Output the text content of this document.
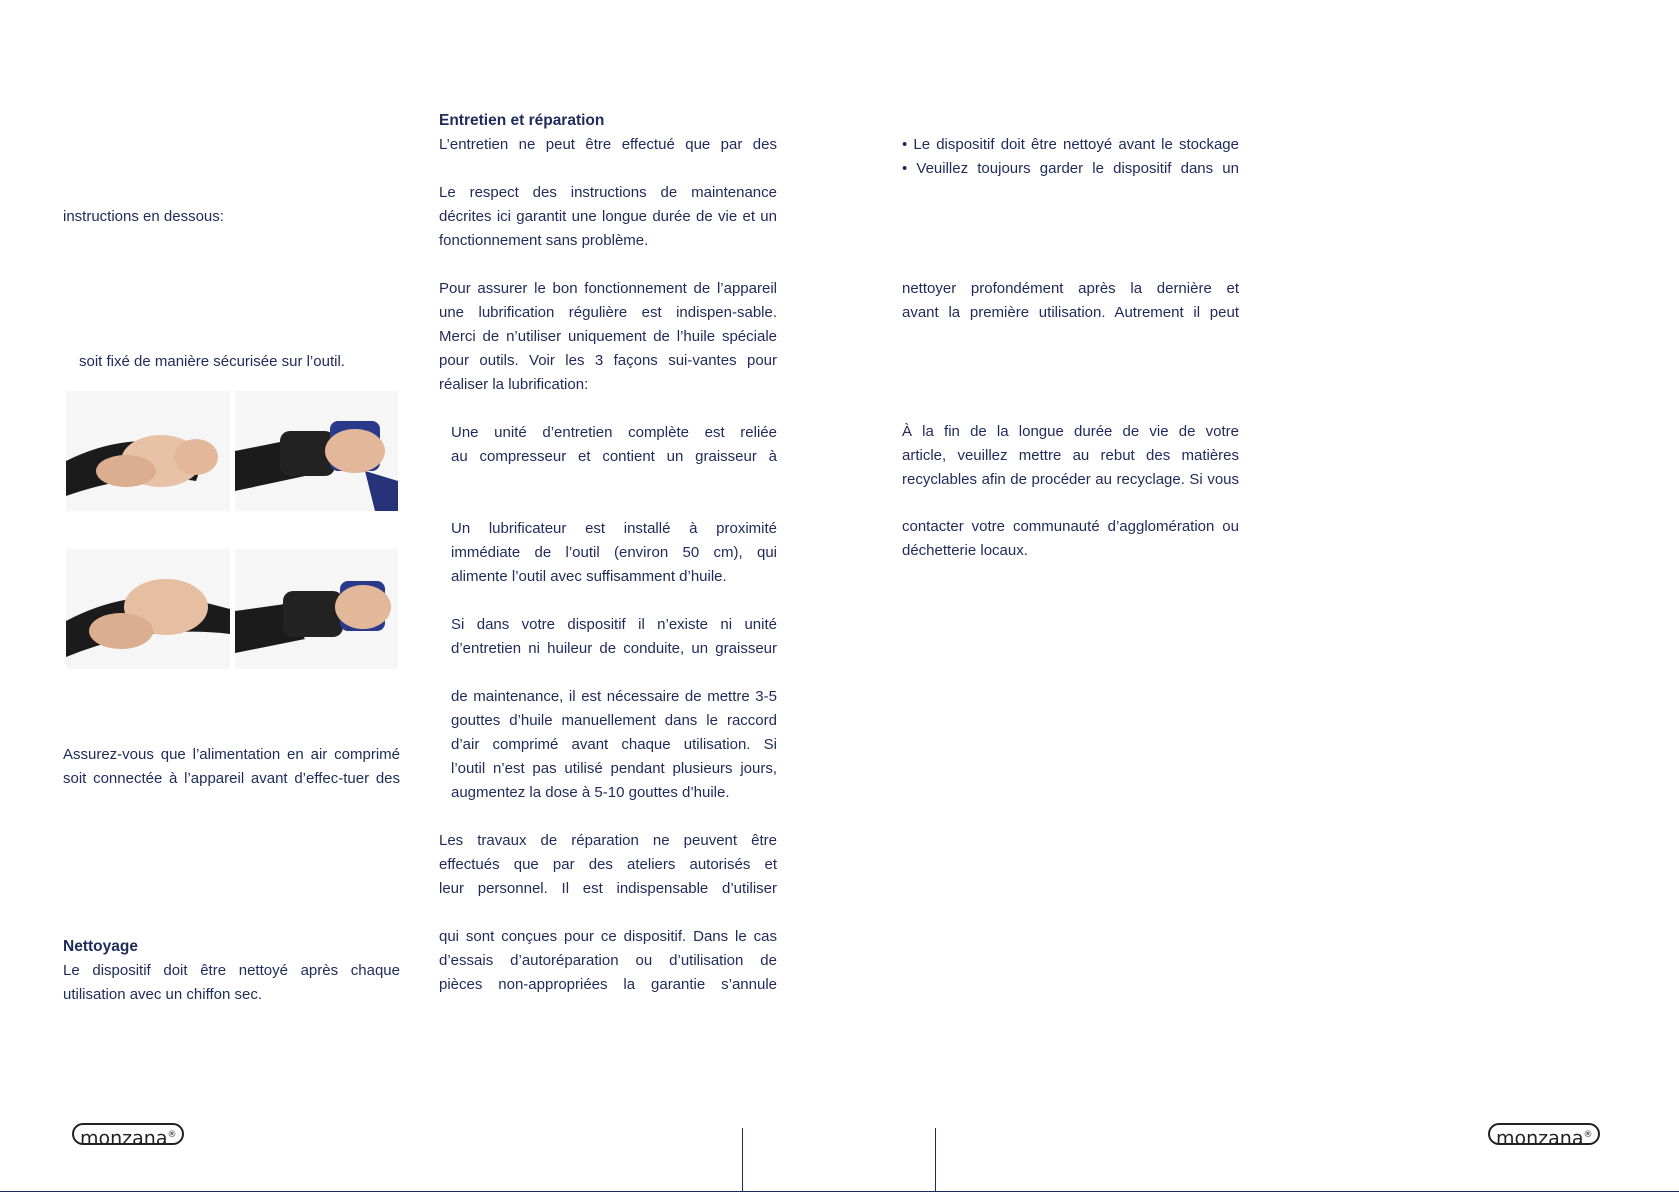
instructions en dessous:
soit fixé de manière sécurisée sur l’outil.
Assurez-vous que l’alimentation en air comprimé
soit connectée à l’appareil avant d’effec-tuer des
Nettoyage
Le dispositif doit être nettoyé après chaque
utilisation avec un chiffon sec.
Entretien et réparation
L’entretien ne peut être effectué que par des
Le respect des instructions de maintenance
décrites ici garantit une longue durée de vie et un
fonctionnement sans problème.
Pour assurer le bon fonctionnement de l’appareil
une lubrification régulière est indispen-sable.
Merci de n’utiliser uniquement de l’huile spéciale
pour outils. Voir les 3 façons sui-vantes pour
réaliser la lubrification:
Une unité d’entretien complète est reliée
au compresseur et contient un graisseur à
Un lubrificateur est installé à proximité
immédiate de l’outil (environ 50 cm), qui
alimente l’outil avec suffisamment d’huile.
Si dans votre dispositif il n’existe ni unité
d’entretien ni huileur de conduite, un graisseur
de maintenance, il est nécessaire de mettre 3-5
gouttes d’huile manuellement dans le raccord
d’air comprimé avant chaque utilisation. Si
l’outil n’est pas utilisé pendant plusieurs jours,
augmentez la dose à 5-10 gouttes d’huile.
Les travaux de réparation ne peuvent être
effectués que par des ateliers autorisés et
leur personnel. Il est indispensable d’utiliser
qui sont conçues pour ce dispositif. Dans le cas
d’essais d’autoréparation ou d’utilisation de
pièces non-appropriées la garantie s’annule
• Le dispositif doit être nettoyé avant le stockage
• Veuillez toujours garder le dispositif dans un
nettoyer profondément après la dernière et
avant la première utilisation. Autrement il peut
À la fin de la longue durée de vie de votre
article, veuillez mettre au rebut des matières
recyclables afin de procéder au recyclage. Si vous
contacter votre communauté d’agglomération ou
déchetterie locaux.
monzana®	monzana®
